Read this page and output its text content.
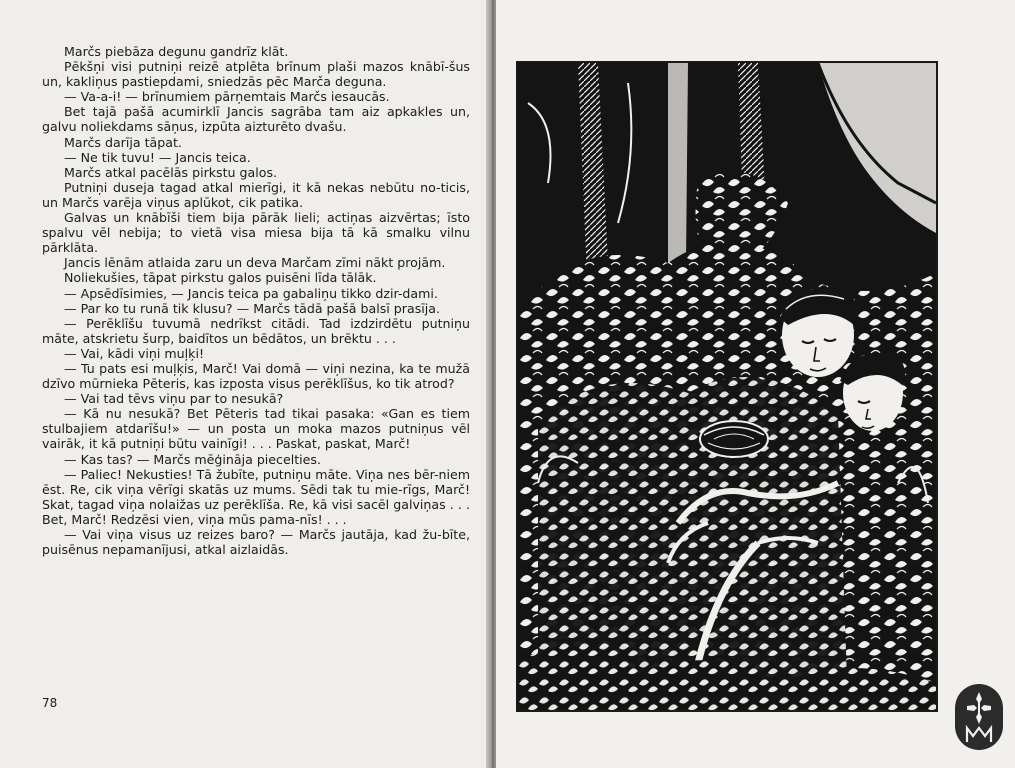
Marčs piebāza degunu gandrīz klāt.

Pēkšņi visi putniņi reizē atplēta brīnum plaši mazos knābī-šus un, kakliņus pastiepdami, sniedzās pēc Marča deguna.

— Va-a-i! — brīnumiem pārņemtais Marčs iesaucās.

Bet tajā pašā acumirklī Jancis sagrāba tam aiz apkakles un, galvu noliekdams sāņus, izpūta aizturēto dvašu.

Marčs darīja tāpat.

— Ne tik tuvu! — Jancis teica.

Marčs atkal pacēlās pirkstu galos.

Putniņi duseja tagad atkal mierīgi, it kā nekas nebūtu no-ticis, un Marčs varēja viņus aplūkot, cik patika.

Galvas un knābīši tiem bija pārāk lieli; actiņas aizvērtas; īsto spalvu vēl nebija; to vietā visa miesa bija tā kā smalku vilnu pārklāta.

Jancis lēnām atlaida zaru un deva Marčam zīmi nākt projām.

Noliekušies, tāpat pirkstu galos puisēni līda tālāk.

— Apsēdīsimies, — Jancis teica pa gabaliņu tikko dzir-dami.

— Par ko tu runā tik klusu? — Marčs tādā pašā balsī prasīja.

— Perēklīšu tuvumā nedrīkst citādi. Tad izdzirdētu putniņu māte, atskrietu šurp, baidītos un bēdātos, un brēktu . . .

— Vai, kādi viņi muļķi!

— Tu pats esi muļķis, Marč! Vai domā — viņi nezina, ka te mužā dzīvo mūrnieka Pēteris, kas izposta visus perēklīšus, ko tik atrod?

— Vai tad tēvs viņu par to nesukā?

— Kā nu nesukā? Bet Pēteris tad tikai pasaka: «Gan es tiem stulbajiem atdarīšu!» — un posta un moka mazos putniņus vēl vairāk, it kā putniņi būtu vainīgi! . . . Paskat, paskat, Marč!

— Kas tas? — Marčs mēģināja piecelties.

— Paliec! Nekusties! Tā žubīte, putniņu māte. Viņa nes bēr-niem ēst. Re, cik viņa vērīgi skatās uz mums. Sēdi tak tu mie-rīgs, Marč! Skat, tagad viņa nolaižas uz perēklīša. Re, kā visi sacēl galviņas . . . Bet, Marč! Redzēsi vien, viņa mūs pama-nīs! . . .

— Vai viņa visus uz reizes baro? — Marčs jautāja, kad žu-bīte, puisēnus nepamanījusi, atkal aizlaidās.

78
